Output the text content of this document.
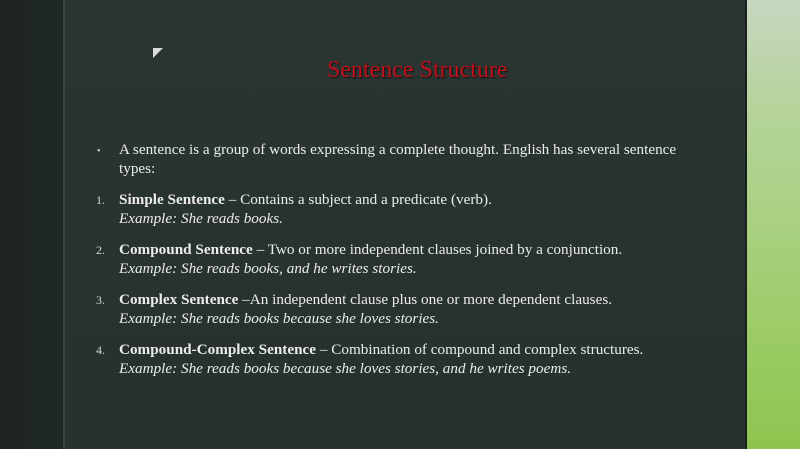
Sentence Structure
• A sentence is a group of words expressing a complete thought. English has several sentence types:
1. Simple Sentence – Contains a subject and a predicate (verb).
Example: She reads books.
2. Compound Sentence – Two or more independent clauses joined by a conjunction.
Example: She reads books, and he writes stories.
3. Complex Sentence –An independent clause plus one or more dependent clauses.
Example: She reads books because she loves stories.
4. Compound-Complex Sentence – Combination of compound and complex structures.
Example: She reads books because she loves stories, and he writes poems.
